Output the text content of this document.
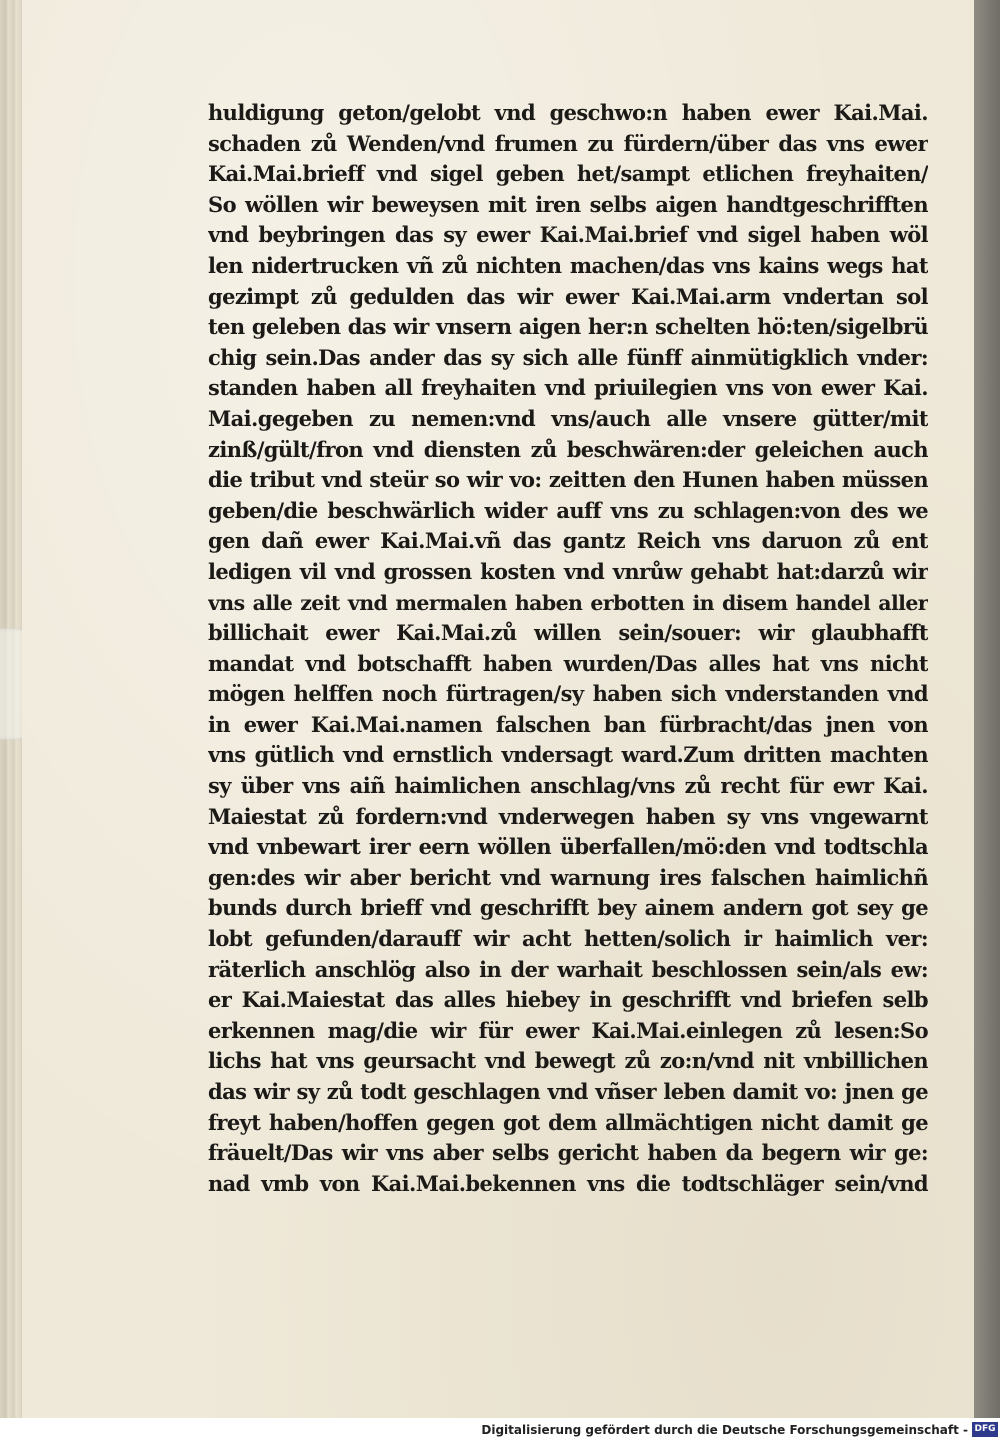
huldigung geton/gelobt vnd geschwo:n haben ewer Kai.Mai.
schaden zů Wenden/vnd frumen zu fürdern/über das vns ewer
Kai.Mai.brieff vnd sigel geben het/sampt etlichen freyhaiten/
So wöllen wir beweysen mit iren selbs aigen handtgeschrifften
vnd beybringen das sy ewer Kai.Mai.brief vnd sigel haben wöl
len nidertrucken vñ zů nichten machen/das vns kains wegs hat
gezimpt zů gedulden das wir ewer Kai.Mai.arm vndertan sol
ten geleben das wir vnsern aigen her:n schelten hö:ten/sigelbrü
chig sein.Das ander das sy sich alle fünff ainmütigklich vnder:
standen haben all freyhaiten vnd priuilegien vns von ewer Kai.
Mai.gegeben zu nemen:vnd vns/auch alle vnsere gütter/mit
zinß/gült/fron vnd diensten zů beschwären:der geleichen auch
die tribut vnd steür so wir vo: zeitten den Hunen haben müssen
geben/die beschwärlich wider auff vns zu schlagen:von des we
gen dañ ewer Kai.Mai.vñ das gantz Reich vns daruon zů ent
ledigen vil vnd grossen kosten vnd vnrůw gehabt hat:darzů wir
vns alle zeit vnd mermalen haben erbotten in disem handel aller
billichait ewer Kai.Mai.zů willen sein/souer: wir glaubhafft
mandat vnd botschafft haben wurden/Das alles hat vns nicht
mögen helffen noch fürtragen/sy haben sich vnderstanden vnd
in ewer Kai.Mai.namen falschen ban fürbracht/das jnen von
vns gütlich vnd ernstlich vndersagt ward.Zum dritten machten
sy über vns aiñ haimlichen anschlag/vns zů recht für ewr Kai.
Maiestat zů fordern:vnd vnderwegen haben sy vns vngewarnt
vnd vnbewart irer eern wöllen überfallen/mö:den vnd todtschla
gen:des wir aber bericht vnd warnung ires falschen haimlichñ
bunds durch brieff vnd geschrifft bey ainem andern got sey ge
lobt gefunden/darauff wir acht hetten/solich ir haimlich ver:
räterlich anschlög also in der warhait beschlossen sein/als ew:
er Kai.Maiestat das alles hiebey in geschrifft vnd briefen selb
erkennen mag/die wir für ewer Kai.Mai.einlegen zů lesen:So
lichs hat vns geursacht vnd bewegt zů zo:n/vnd nit vnbillichen
das wir sy zů todt geschlagen vnd vñser leben damit vo: jnen ge
freyt haben/hoffen gegen got dem allmächtigen nicht damit ge
fräuelt/Das wir vns aber selbs gericht haben da begern wir ge:
nad vmb von Kai.Mai.bekennen vns die todtschläger sein/vnd
Digitalisierung gefördert durch die Deutsche Forschungsgemeinschaft - DFG
